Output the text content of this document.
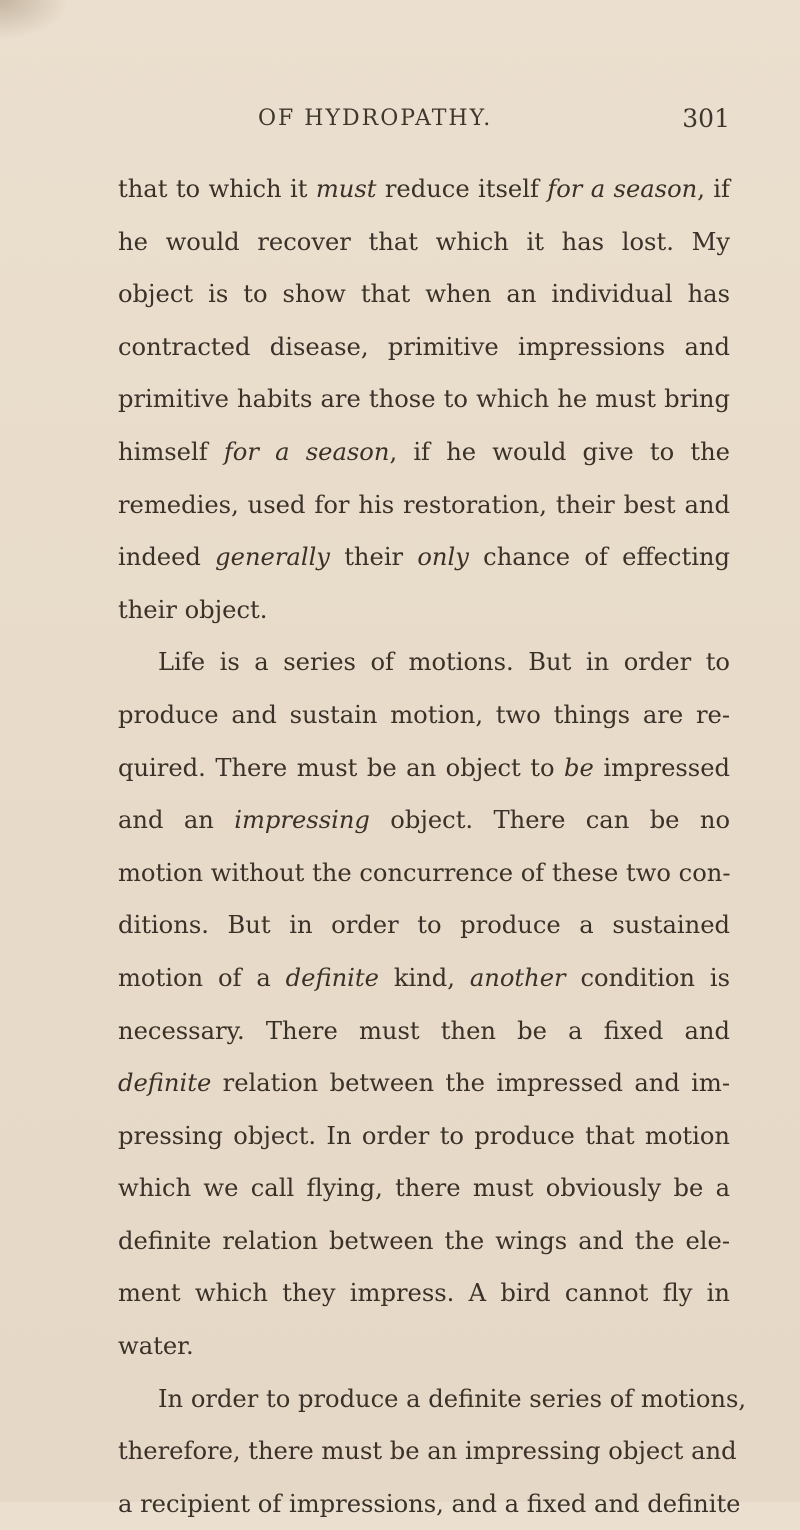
OF HYDROPATHY.	301

that to which it must reduce itself for a season, if
he would recover that which it has lost. My
object is to show that when an individual has
contracted disease, primitive impressions and
primitive habits are those to which he must bring
himself for a season, if he would give to the
remedies, used for his restoration, their best and
indeed generally their only chance of effecting
their object.

Life is a series of motions. But in order to
produce and sustain motion, two things are re-
quired. There must be an object to be impressed
and an impressing object. There can be no
motion without the concurrence of these two con-
ditions. But in order to produce a sustained
motion of a definite kind, another condition is
necessary. There must then be a fixed and
definite relation between the impressed and im-
pressing object. In order to produce that motion
which we call flying, there must obviously be a
definite relation between the wings and the ele-
ment which they impress. A bird cannot fly in
water.

In order to produce a definite series of motions,
therefore, there must be an impressing object and
a recipient of impressions, and a fixed and definite
